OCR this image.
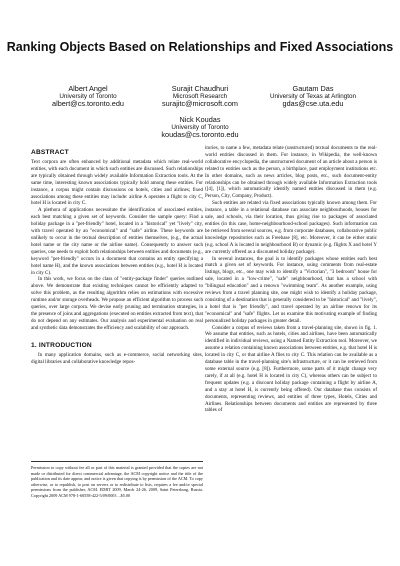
Ranking Objects Based on Relationships and Fixed Associations
Albert Angel
University of Toronto
albert@cs.toronto.edu
Surajit Chaudhuri
Microsoft Research
surajitc@microsoft.com
Gautam Das
University of Texas at Arlington
gdas@cse.uta.edu
Nick Koudas
University of Toronto
koudas@cs.toronto.edu
ABSTRACT

Text corpora are often enhanced by additional metadata which relate real-world entities, with each document in which such entities are discussed. Such relationships are typically obtained through widely available Information Extraction tools. At the same time, interesting known associations typically hold among these entities. For instance, a corpus might contain discussions on hotels, cities and airlines; fixed associations among these entities may include: airline A operates a flight to city C, hotel H is located in city C.

A plethora of applications necessitate the identification of associated entities, each best matching a given set of keywords. Consider the sample query: Find a holiday package in a "pet-friendly" hotel, located in a "historical" yet "lively" city, with travel operated by an "economical" and "safe" airline. These keywords are unlikely to occur in the textual description of entities themselves, (e.g., the actual hotel name or the city name or the airline name). Consequently to answer such queries, one needs to exploit both relationships between entities and documents (e.g., keyword "pet-friendly" occurs in a document that contains an entity specifying a hotel name H), and the known associations between entities (e.g., hotel H is located in city C).

In this work, we focus on the class of "entity-package finder" queries outlined above. We demonstrate that existing techniques cannot be efficiently adapted to solve this problem, as the resulting algorithm relies on estimations with excessive runtime and/or storage overheads. We propose an efficient algorithm to process such queries, over large corpora. We devise early pruning and termination strategies, in the presence of joins and aggregations (executed on entities extracted from text), that do not depend on any estimates. Our analysis and experimental evaluation on real and synthetic data demonstrates the efficiency and scalability of our approach.

1. INTRODUCTION

In many application domains, such as e-commerce, social networking sites, digital libraries and collaborative knowledge repos-

Permission to copy without fee all or part of this material is granted provided that the copies are not made or distributed for direct commercial advantage, the ACM copyright notice and the title of the publication and its date appear, and notice is given that copying is by permission of the ACM. To copy otherwise, or to republish, to post on servers or to redistribute to lists, requires a fee and/or special permissions from the publisher, ACM. EDBT 2009, March 24-26, 2009, Saint Petersburg, Russia. Copyright 2009 ACM 978-1-60558-422-5/09/0003 ...$5.00

itories, to name a few, metadata relate (unstructured) textual documents to the real-world entities discussed in them. For instance, in Wikipedia, the well-known collaborative encyclopedia, the unstructured document of an article about a person is related to entities such as the person, a birthplace, past employment institutions etc. In other domains, such as news articles, blog posts, etc., such document-entity relationships can be obtained through widely available Information Extraction tools ([4], [1]), which automatically identify named entities discussed in them (e.g. Person, City, Company, Product).

Such entities are related via fixed associations typically known among them. For instance, a table in a relational database can associate neighbourhoods, houses for sale, and schools, via their location, thus giving rise to packages of associated entities (in this case, home-neighbourhood-school packages). Such information can be retrieved from several sources, e.g. from corporate databases, collaborative public knowledge repositories such as Freebase [8], etc. Moreover, it can be either static (e.g. school A is located in neighbourhood B) or dynamic (e.g. flights X and hotel Y are currently offered as a discounted holiday package).

In several instances, the goal is to identify packages whose entities each best match a given set of keywords. For instance, using comments from real-estate listings, blogs, etc., one may wish to identify a "Victorian", "3 bedroom" house for sale, located in a "low-crime", "safe" neighbourhood, that has a school with "bilingual education" and a renown "swimming team". As another example, using reviews from a travel planning site, one might wish to identify a holiday package, consisting of a destination that is generally considered to be "historical" and "lively", a hotel that is "pet friendly", and travel operated by an airline renown for its "economical" and "safe" flights. Let us examine this motivating example of finding personalized holiday packages in greater detail.

Consider a corpus of reviews taken from a travel-planning site, shown in fig. 1. We assume that entities, such as hotels, cities and airlines, have been automatically identified in individual reviews, using a Named Entity Extraction tool. Moreover, we assume a relation containing known associations between entities, e.g. that hotel H is located in city C, or that airline A flies to city C. This relation can be available as a database table in the travel-planning site's infrastructure, or it can be retrieved from some external source (e.g. [8]). Furthermore, some parts of it might change very rarely, if at all (e.g. hotel H is located in city C), whereas others can be subject to frequent updates (e.g. a discount holiday package containing a flight by airline A, and a stay at hotel H, is currently being offered). Our database thus consists of documents, representing reviews, and entities of three types, Hotels, Cities and Airlines. Relationships between documents and entities are represented by three tables of
